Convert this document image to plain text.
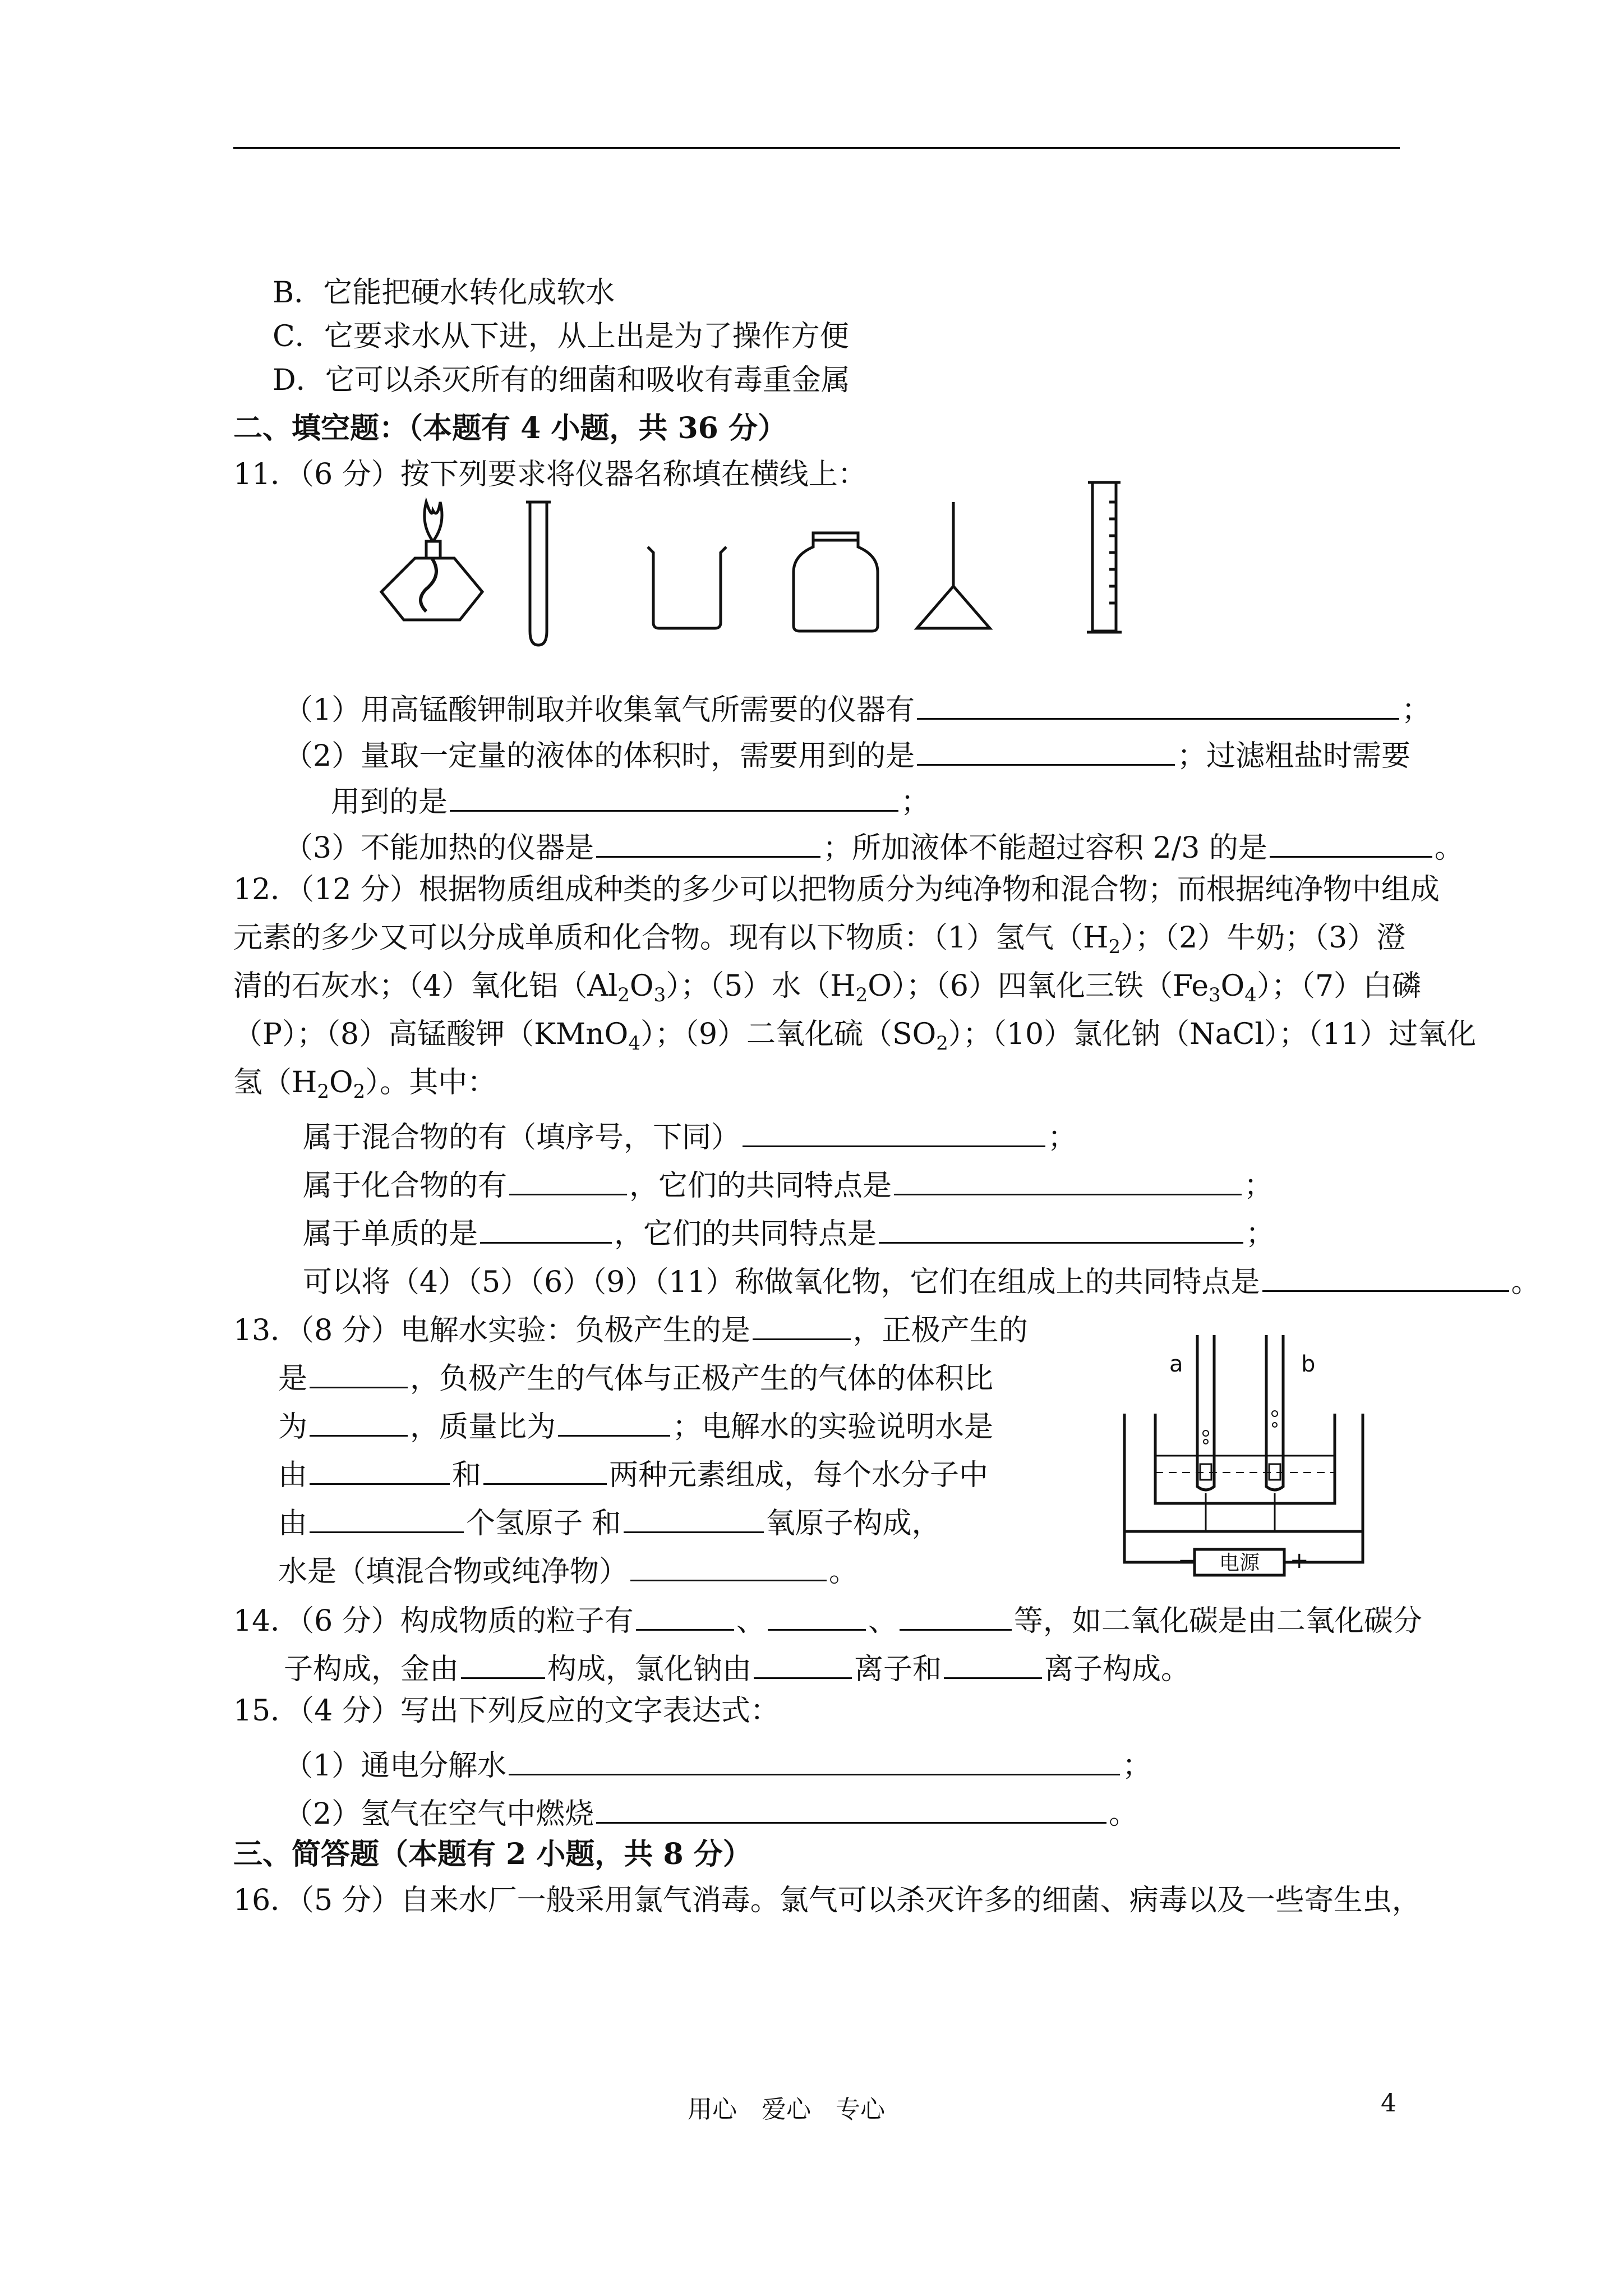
B．它能把硬水转化成软水
C．它要求水从下进，从上出是为了操作方便
D．它可以杀灭所有的细菌和吸收有毒重金属
二、填空题：（本题有 4 小题，共 36 分）
11．（6 分）按下列要求将仪器名称填在横线上：
（1）用高锰酸钾制取并收集氧气所需要的仪器有	；
（2）量取一定量的液体的体积时，需要用到的是	；过滤粗盐时需要
用到的是	；
（3）不能加热的仪器是	；所加液体不能超过容积 2/3 的是	。
12．（12 分）根据物质组成种类的多少可以把物质分为纯净物和混合物；而根据纯净物中组成
元素的多少又可以分成单质和化合物。现有以下物质：（1）氢气$(H_2)$；（2）牛奶；（3）澄
清的石灰水；（4）氧化铝$(Al_2O_3)$；（5）水$(H_2O)$；（6）四氧化三铁$(Fe_3O_4)$；（7）白磷
（P）；（8）高锰酸钾（KMnO$_4$）；（9）二氧化硫$(SO_2)$；（10）氯化钠（NaCl）；（11）过氧化
氢$(H_2O_2)$。其中：
属于混合物的有（填序号，下同）	；
属于化合物的有	，它们的共同特点是	；
属于单质的是	，它们的共同特点是	；
可以将（4）（5）（6）（9）（11）称做氧化物，它们在组成上的共同特点是	。
13．（8 分）电解水实验：负极产生的是	，正极产生的
是	，负极产生的气体与正极产生的气体的体积比
为	，质量比为	；电解水的实验说明水是
由	和	两种元素组成，每个水分子中
由	个氢原子 和	氧原子构成，
水是（填混合物或纯净物）	。	电源
−	+
a	b
14．（6 分）构成物质的粒子有	、	、	等，如二氧化碳是由二氧化碳分
子构成，金由	构成，氯化钠由	离子和	离子构成。
15．（4 分）写出下列反应的文字表达式：
（1）通电分解水	；
（2）氢气在空气中燃烧	。
三、简答题（本题有 2 小题，共 8 分）
16．（5 分）自来水厂一般采用氯气消毒。氯气可以杀灭许多的细菌、病毒以及一些寄生虫，
用心　爱心　专心	4
